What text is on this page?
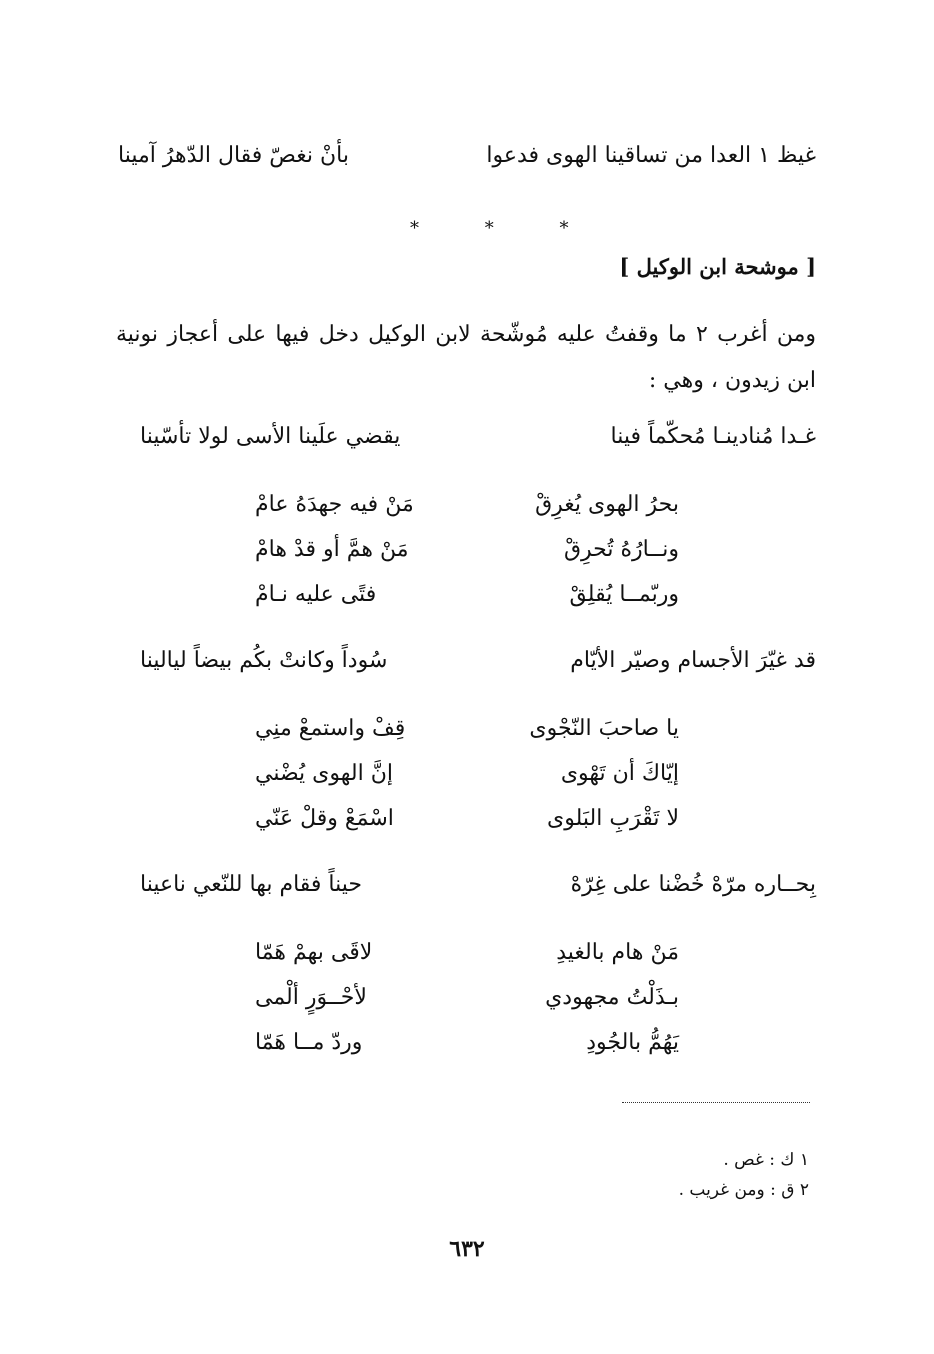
غيظ ١ العدا من تساقينا الهوى فدعوا
بأنْ نغصّ فقال الدّهرُ آمينا
* * *
[ موشحة ابن الوكيل ]
ومن أغرب ٢ ما وقفتُ عليه مُوشّحة لابن الوكيل دخل فيها على أعجاز نونية ابن زيدون ، وهي :
غـدا مُنادينـا مُحكّماً فينا
يقضي علَينا الأسى لولا تأسّينا
بحرُ الهوى يُغرِقْ
مَنْ فيه جهدَهُ عامْ
ونــارُهُ تُحرِقْ
مَنْ همَّ أو قدْ هامْ
وربّمــا يُقلِقْ
فتًى عليه نـامْ
قد غيّرَ الأجسام وصيّر الأيّام
سُوداً وكانتْ بكُم بيضاً ليالينا
يا صاحبَ النّجْوى
قِفْ واستمعْ منِي
إيّاكَ أن تَهْوى
إنَّ الهوى يُضْني
لا تَقْرَبِ البَلوى
اسْمَعْ وقلْ عَنّي
بِحــاره مرّهْ خُضْنا على غِرّهْ
حيناً فقام بها للنّعي ناعينا
مَنْ هام بالغيدِ
لاقَى بهمْ هَمّا
بـذَلْتُ مجهودي
لأحْــوَرٍ ألْمى
يَهُمُّ بالجُودِ
وردّ مــا هَمّا
١ ك : غص .
٢ ق : ومن غريب .
٦٣٢
